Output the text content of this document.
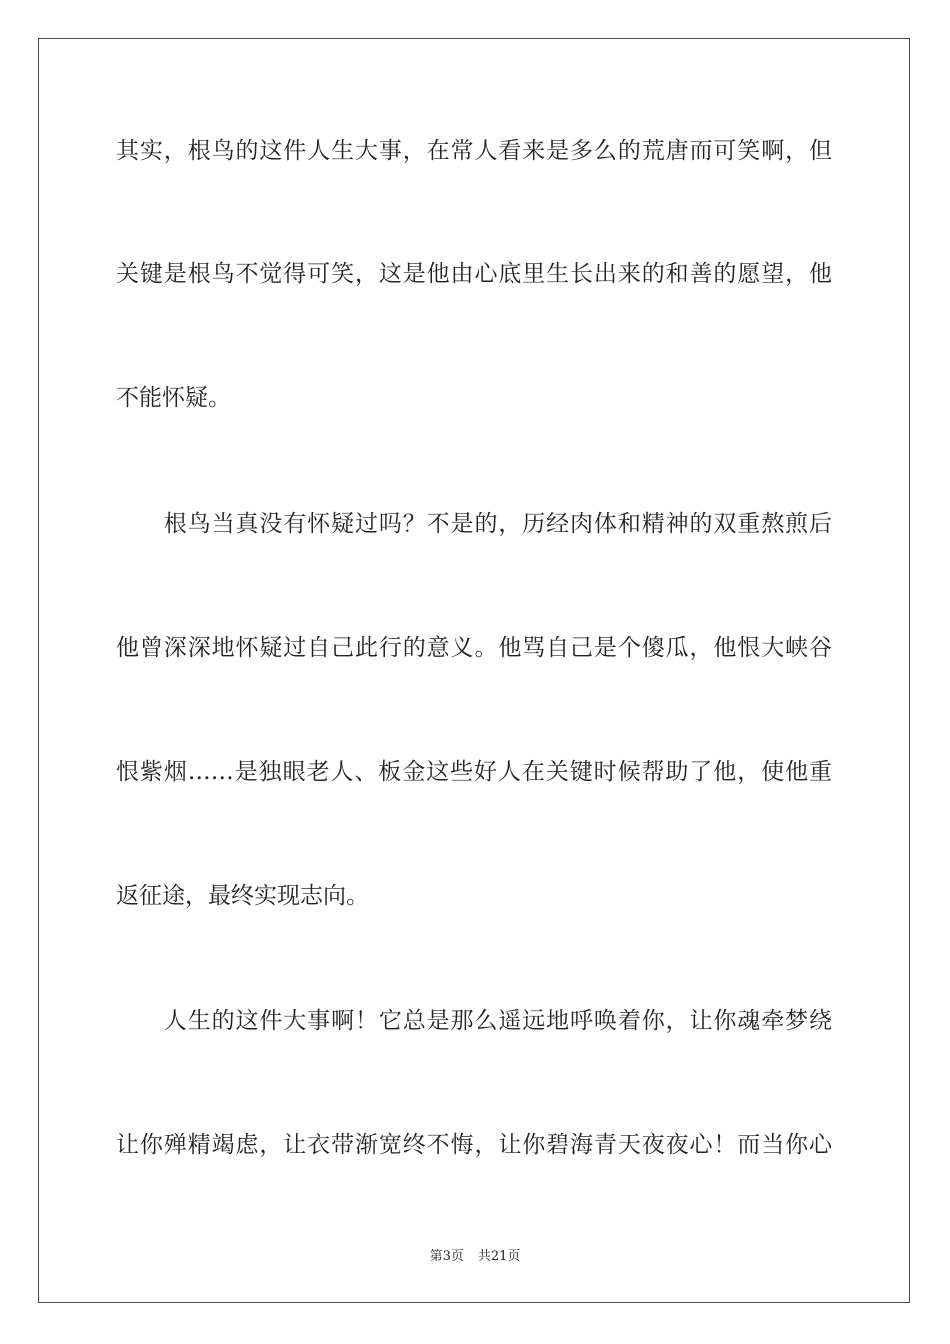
其实，根鸟的这件人生大事，在常人看来是多么的荒唐而可笑啊，但
关键是根鸟不觉得可笑，这是他由心底里生长出来的和善的愿望，他
不能怀疑。
　　根鸟当真没有怀疑过吗？不是的，历经肉体和精神的双重熬煎后
他曾深深地怀疑过自己此行的意义。他骂自己是个傻瓜，他恨大峡谷
恨紫烟……是独眼老人、板金这些好人在关键时候帮助了他，使他重
返征途，最终实现志向。
　　人生的这件大事啊！它总是那么遥远地呼唤着你，让你魂牵梦绕
让你殚精竭虑，让衣带渐宽终不悔，让你碧海青天夜夜心！而当你心
第3页 共21页
